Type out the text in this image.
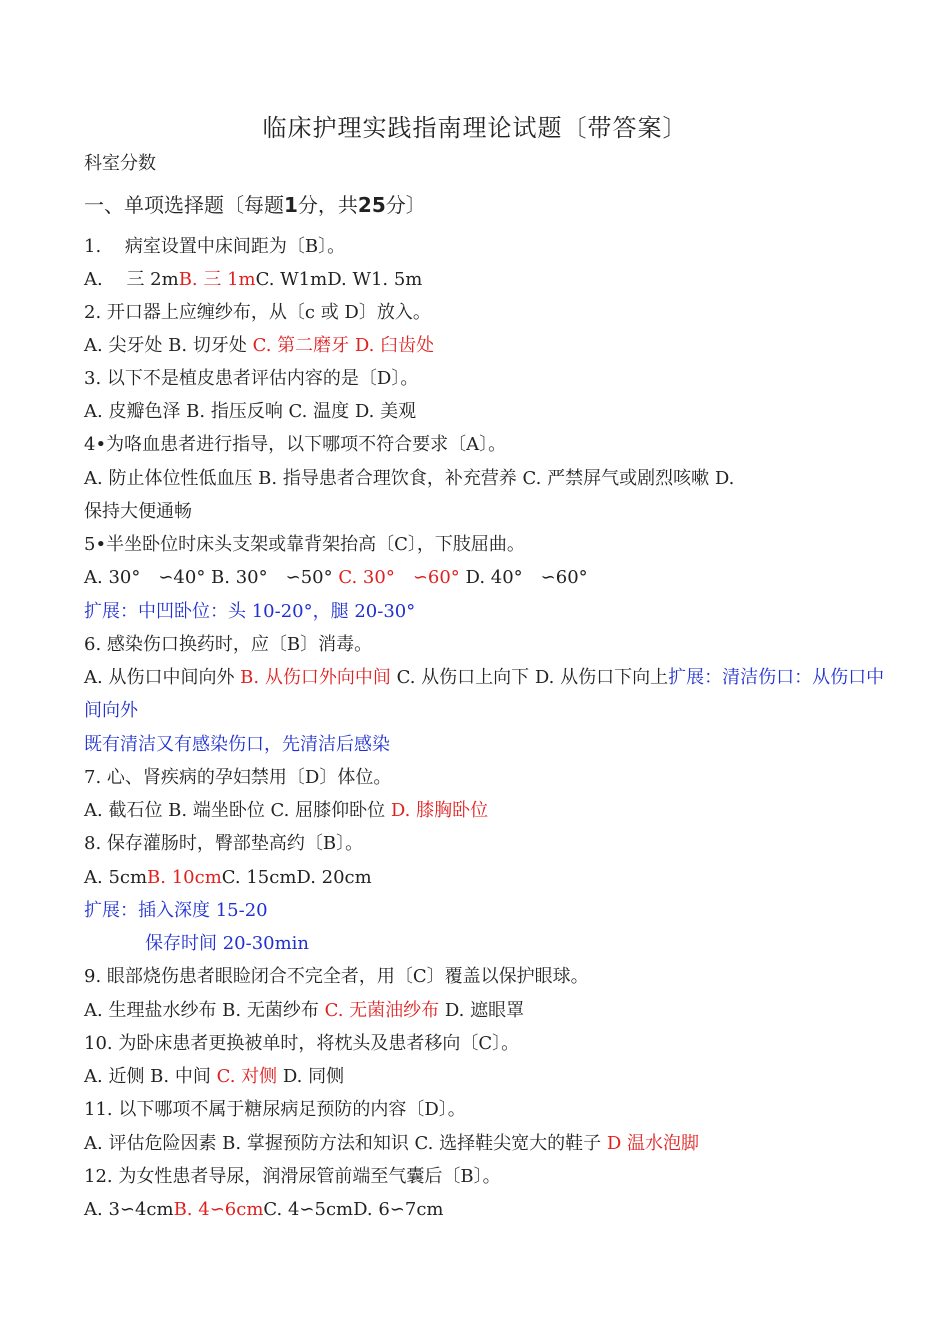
临床护理实践指南理论试题〔带答案〕
科室分数
一、单项选择题〔每题1分，共25分〕
1.　 病室设置中床间距为〔B〕。
A.　 三 2mB. 三 1mC. W1mD. W1. 5m
2. 开口器上应缠纱布，从〔c 或 D〕放入。
A. 尖牙处 B. 切牙处 C. 第二磨牙 D. 臼齿处
3. 以下不是植皮患者评估内容的是〔D〕。
A. 皮瓣色泽 B. 指压反响 C. 温度 D. 美观
4•为咯血患者进行指导，以下哪项不符合要求〔A〕。
A. 防止体位性低血压 B. 指导患者合理饮食，补充营养 C. 严禁屏气或剧烈咳嗽 D.
保持大便通畅
5•半坐卧位时床头支架或靠背架抬高〔C〕，下肢屈曲。
A. 30°　∽40° B. 30°　∽50° C. 30°　∽60° D. 40°　∽60°
扩展：中凹卧位：头 10-20°，腿 20-30°
6. 感染伤口换药时，应〔B〕消毒。
A. 从伤口中间向外 B. 从伤口外向中间 C. 从伤口上向下 D. 从伤口下向上扩展：清洁伤口：从伤口中
间向外
既有清洁又有感染伤口，先清洁后感染
7. 心、肾疾病的孕妇禁用〔D〕体位。
A. 截石位 B. 端坐卧位 C. 屈膝仰卧位 D. 膝胸卧位
8. 保存灌肠时，臀部垫高约〔B〕。
A. 5cmB. 10cmC. 15cmD. 20cm
扩展：插入深度 15-20
保存时间 20-30min
9. 眼部烧伤患者眼睑闭合不完全者，用〔C〕覆盖以保护眼球。
A. 生理盐水纱布 B. 无菌纱布 C. 无菌油纱布 D. 遮眼罩
10. 为卧床患者更换被单时，将枕头及患者移向〔C〕。
A. 近侧 B. 中间 C. 对侧 D. 同侧
11. 以下哪项不属于糖尿病足预防的内容〔D〕。
A. 评估危险因素 B. 掌握预防方法和知识 C. 选择鞋尖宽大的鞋子 D 温水泡脚
12. 为女性患者导尿，润滑尿管前端至气囊后〔B〕。
A. 3∽4cmB. 4∽6cmC. 4∽5cmD. 6∽7cm
